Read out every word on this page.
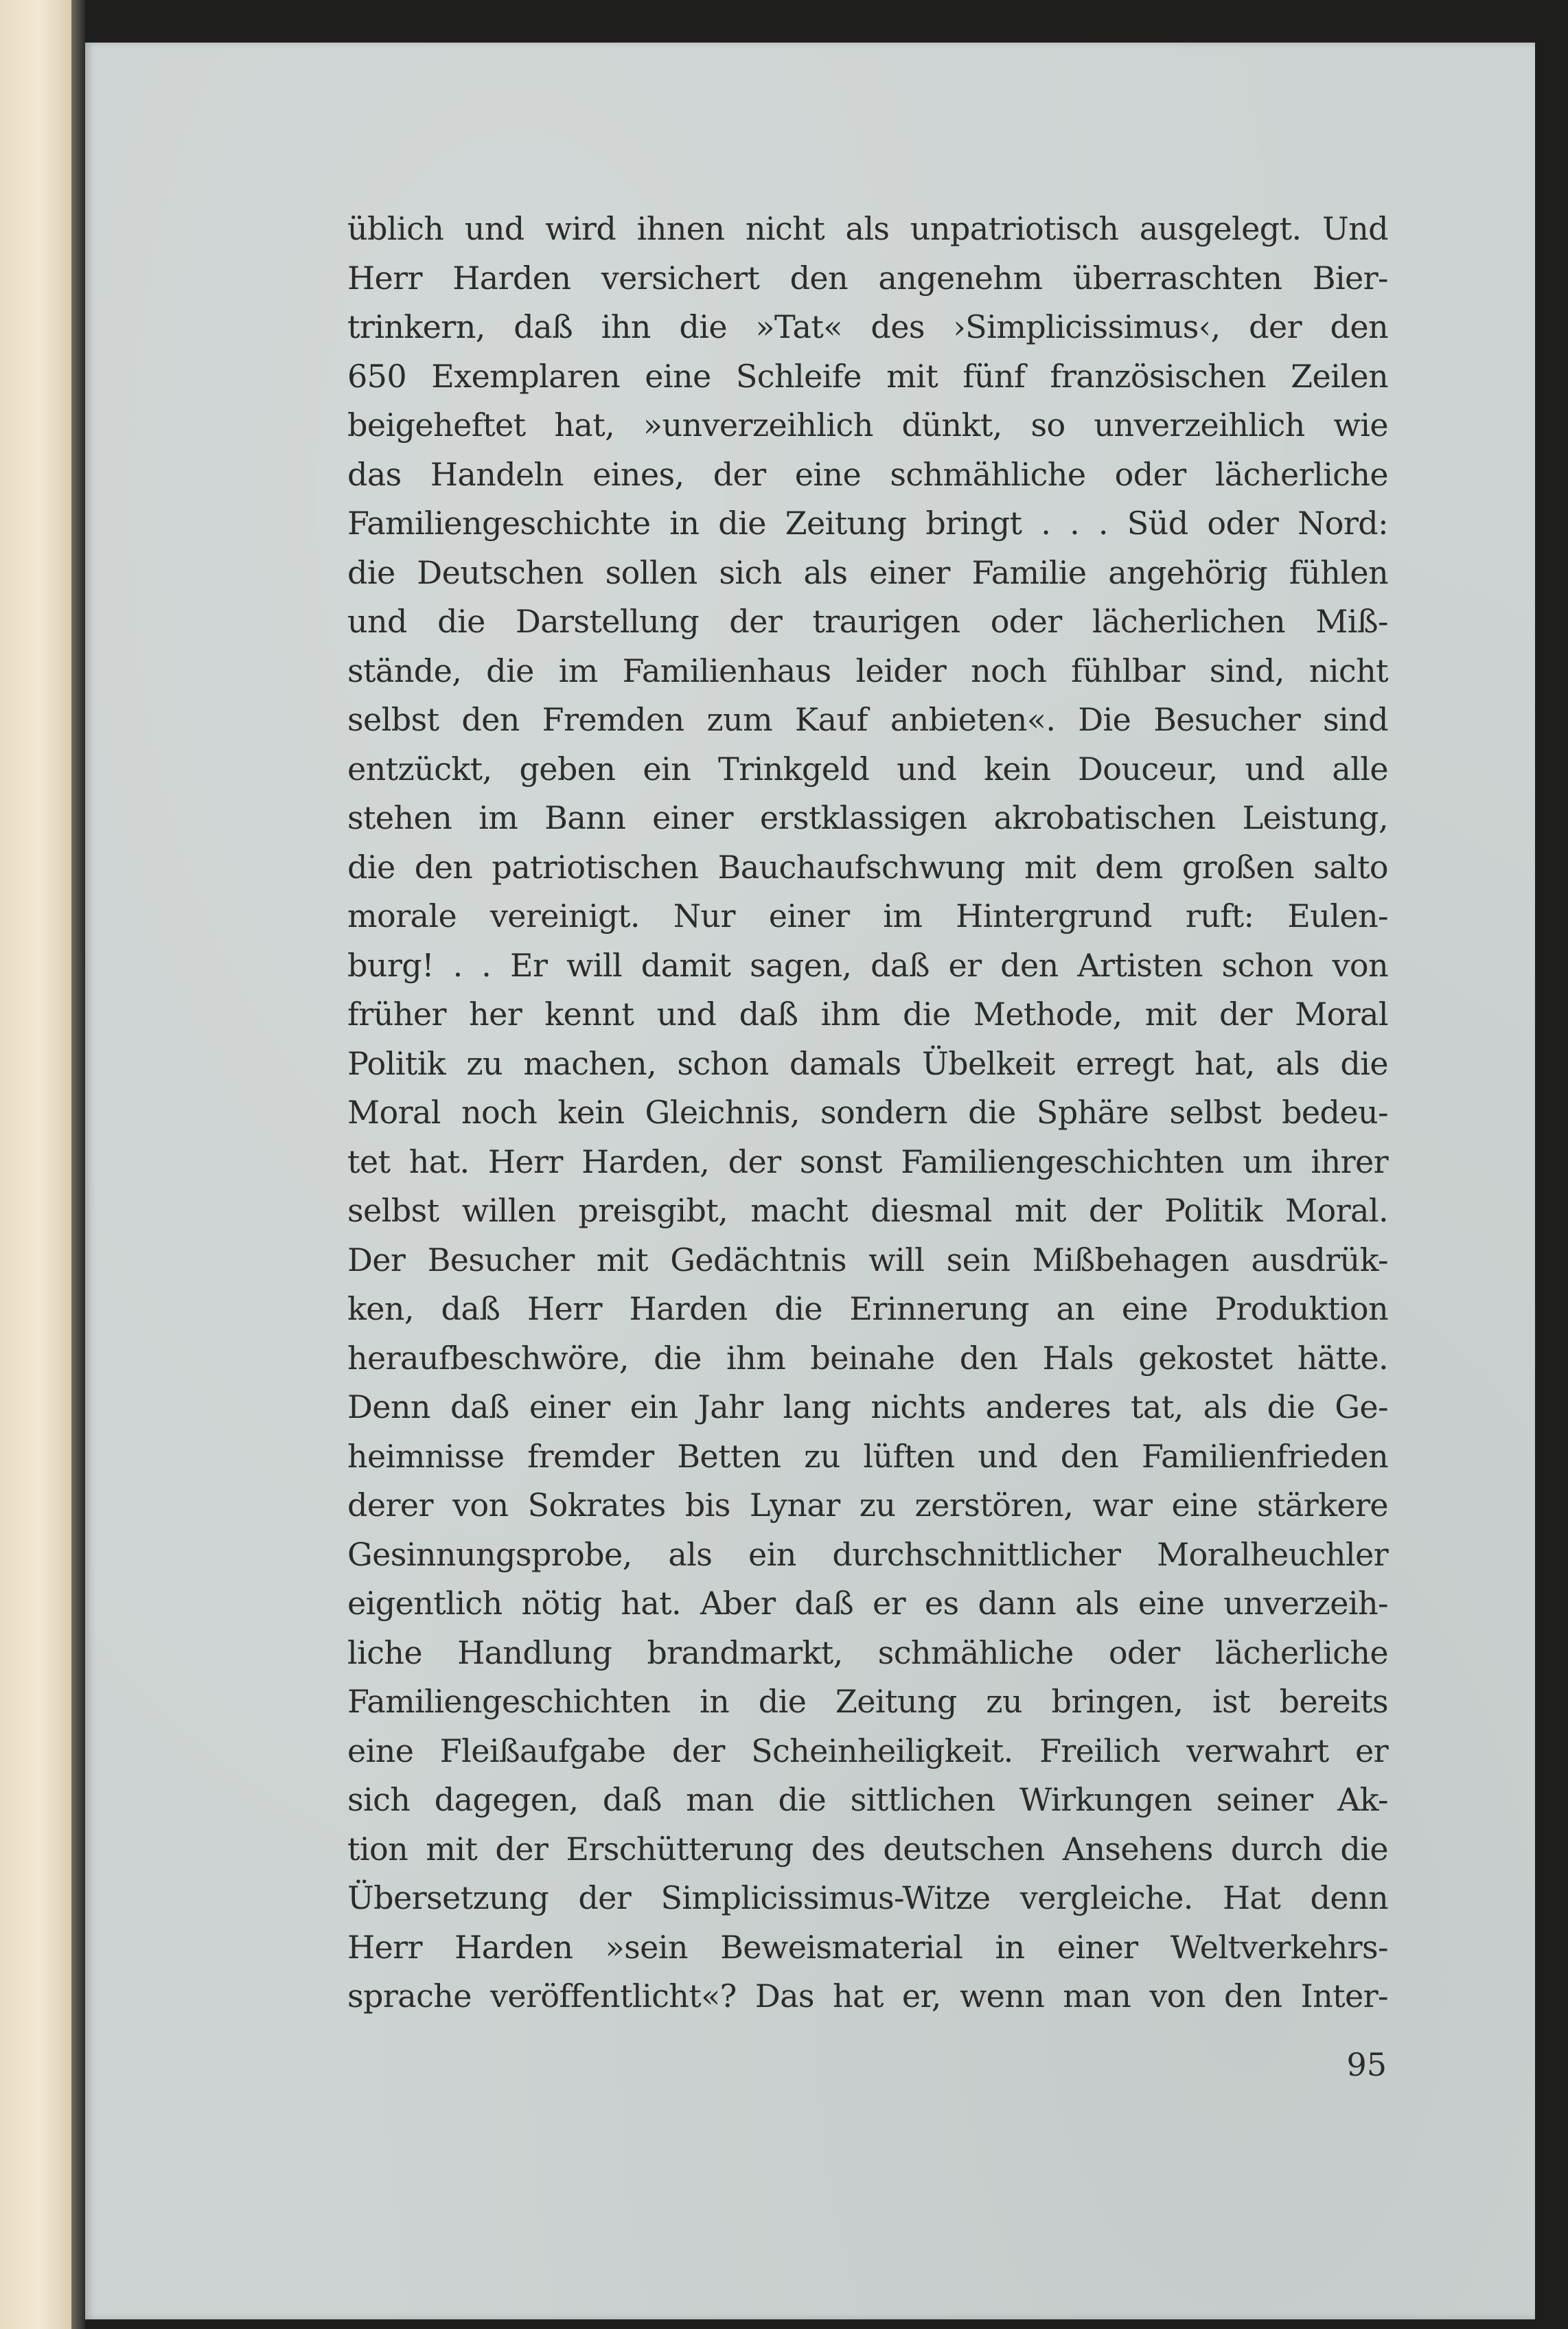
üblich und wird ihnen nicht als unpatriotisch ausgelegt. Und
Herr Harden versichert den angenehm überraschten Bier-
trinkern, daß ihn die »Tat« des ›Simplicissimus‹, der den
650 Exemplaren eine Schleife mit fünf französischen Zeilen
beigeheftet hat, »unverzeihlich dünkt, so unverzeihlich wie
das Handeln eines, der eine schmähliche oder lächerliche
Familiengeschichte in die Zeitung bringt . . . Süd oder Nord:
die Deutschen sollen sich als einer Familie angehörig fühlen
und die Darstellung der traurigen oder lächerlichen Miß-
stände, die im Familienhaus leider noch fühlbar sind, nicht
selbst den Fremden zum Kauf anbieten«. Die Besucher sind
entzückt, geben ein Trinkgeld und kein Douceur, und alle
stehen im Bann einer erstklassigen akrobatischen Leistung,
die den patriotischen Bauchaufschwung mit dem großen salto
morale vereinigt. Nur einer im Hintergrund ruft: Eulen-
burg! . . Er will damit sagen, daß er den Artisten schon von
früher her kennt und daß ihm die Methode, mit der Moral
Politik zu machen, schon damals Übelkeit erregt hat, als die
Moral noch kein Gleichnis, sondern die Sphäre selbst bedeu-
tet hat. Herr Harden, der sonst Familiengeschichten um ihrer
selbst willen preisgibt, macht diesmal mit der Politik Moral.
Der Besucher mit Gedächtnis will sein Mißbehagen ausdrük-
ken, daß Herr Harden die Erinnerung an eine Produktion
heraufbeschwöre, die ihm beinahe den Hals gekostet hätte.
Denn daß einer ein Jahr lang nichts anderes tat, als die Ge-
heimnisse fremder Betten zu lüften und den Familienfrieden
derer von Sokrates bis Lynar zu zerstören, war eine stärkere
Gesinnungsprobe, als ein durchschnittlicher Moralheuchler
eigentlich nötig hat. Aber daß er es dann als eine unverzeih-
liche Handlung brandmarkt, schmähliche oder lächerliche
Familiengeschichten in die Zeitung zu bringen, ist bereits
eine Fleißaufgabe der Scheinheiligkeit. Freilich verwahrt er
sich dagegen, daß man die sittlichen Wirkungen seiner Ak-
tion mit der Erschütterung des deutschen Ansehens durch die
Übersetzung der Simplicissimus-Witze vergleiche. Hat denn
Herr Harden »sein Beweismaterial in einer Weltverkehrs-
sprache veröffentlicht«? Das hat er, wenn man von den Inter-
95
